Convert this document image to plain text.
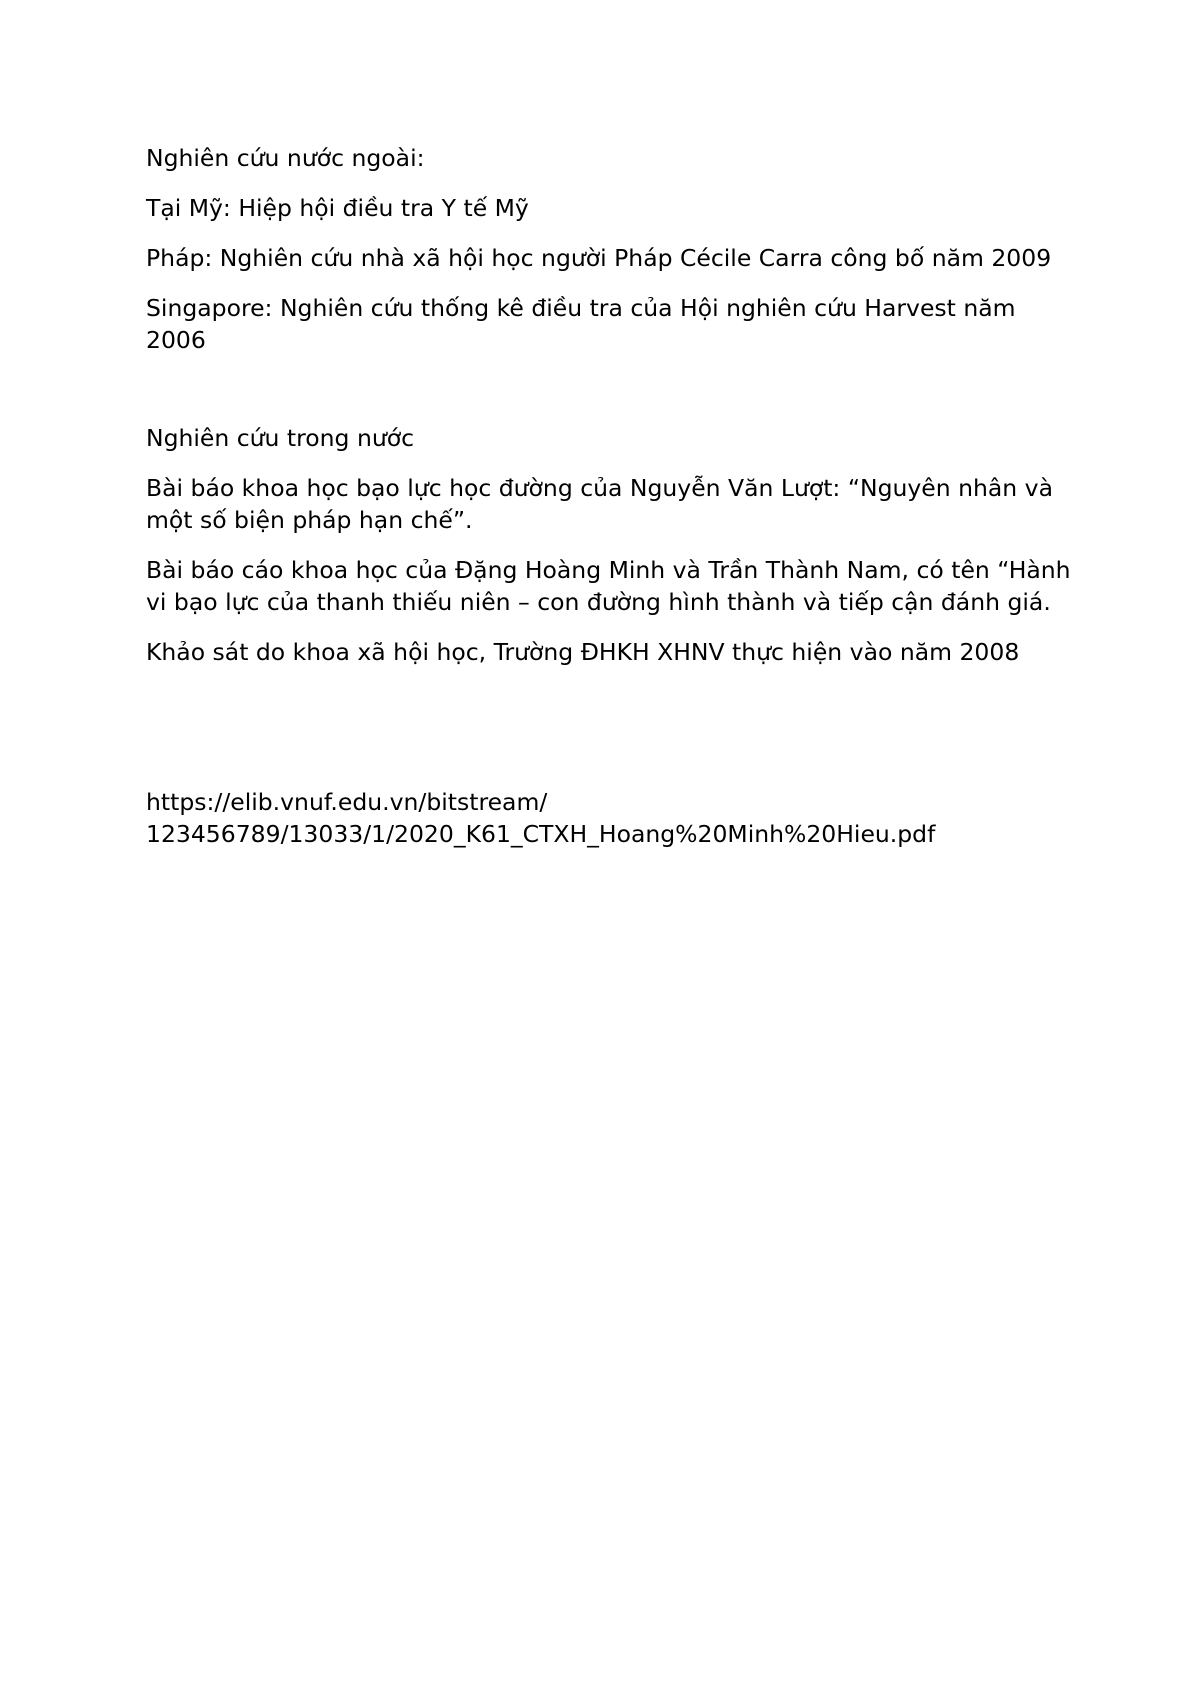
Nghiên cứu nước ngoài:

Tại Mỹ: Hiệp hội điều tra Y tế Mỹ

Pháp: Nghiên cứu nhà xã hội học người Pháp Cécile Carra công bố năm 2009

Singapore: Nghiên cứu thống kê điều tra của Hội nghiên cứu Harvest năm 2006

Nghiên cứu trong nước

Bài báo khoa học bạo lực học đường của Nguyễn Văn Lượt: “Nguyên nhân và một số biện pháp hạn chế”.

Bài báo cáo khoa học của Đặng Hoàng Minh và Trần Thành Nam, có tên “Hành vi bạo lực của thanh thiếu niên – con đường hình thành và tiếp cận đánh giá.

Khảo sát do khoa xã hội học, Trường ĐHKH XHNV thực hiện vào năm 2008

https://elib.vnuf.edu.vn/bitstream/
123456789/13033/1/2020_K61_CTXH_Hoang%20Minh%20Hieu.pdf
